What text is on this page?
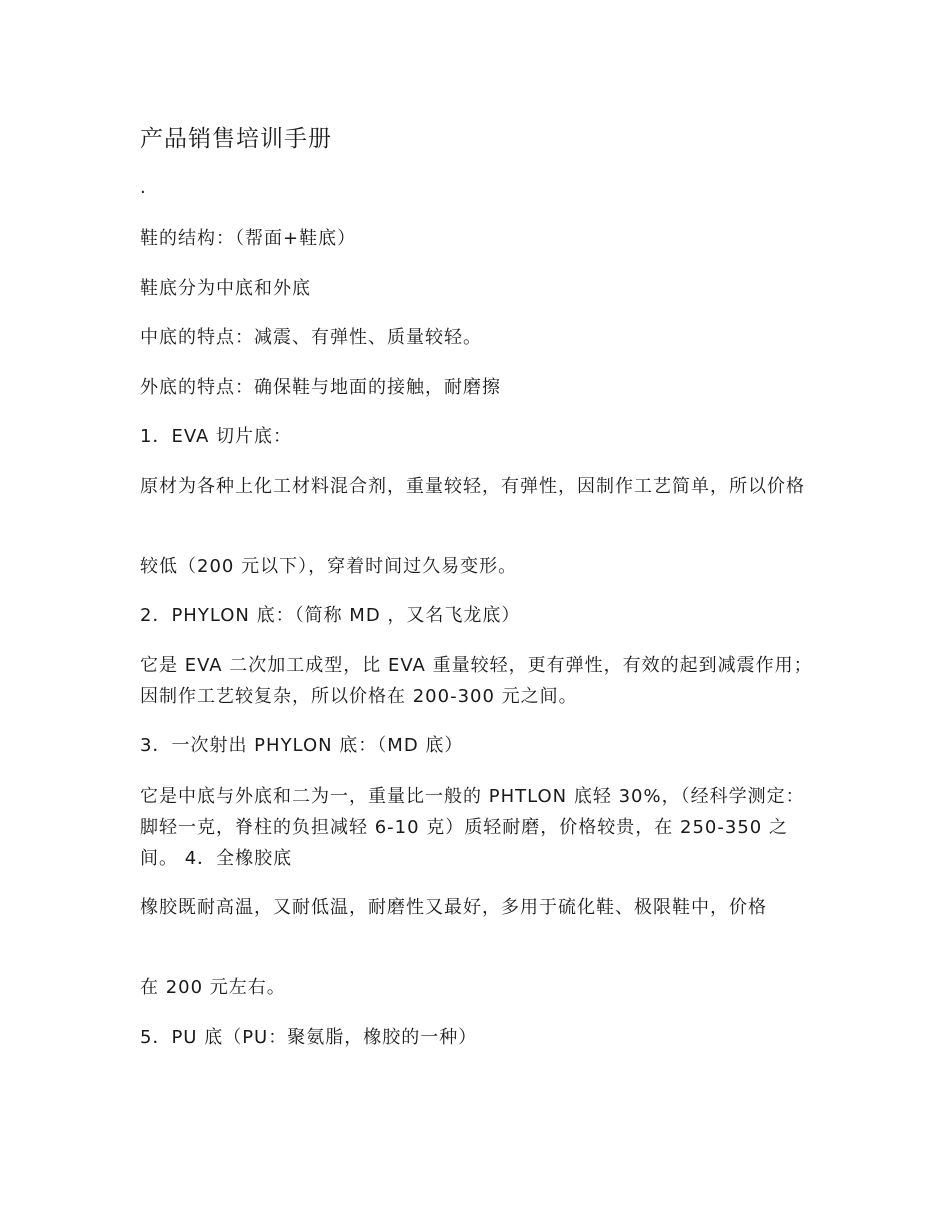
产品销售培训手册
.

鞋的结构：（帮面+鞋底）

鞋底分为中底和外底

中底的特点：减震、有弹性、质量较轻。

外底的特点：确保鞋与地面的接触，耐磨擦

1．EVA 切片底：

原材为各种上化工材料混合剂，重量较轻，有弹性，因制作工艺简单，所以价格

较低（200 元以下），穿着时间过久易变形。

2．PHYLON 底：（简称 MD ，又名飞龙底）

它是 EVA 二次加工成型，比 EVA 重量较轻，更有弹性，有效的起到减震作用； 因制作工艺较复杂，所以价格在 200-300 元之间。

3．一次射出 PHYLON 底：（MD 底）

它是中底与外底和二为一，重量比一般的 PHTLON 底轻 30%，（经科学测定：脚轻一克，脊柱的负担减轻 6-10 克）质轻耐磨，价格较贵，在 250-350 之间。 4．全橡胶底

橡胶既耐高温，又耐低温，耐磨性又最好，多用于硫化鞋、极限鞋中，价格

在 200 元左右。

5．PU 底（PU：聚氨脂，橡胶的一种）
